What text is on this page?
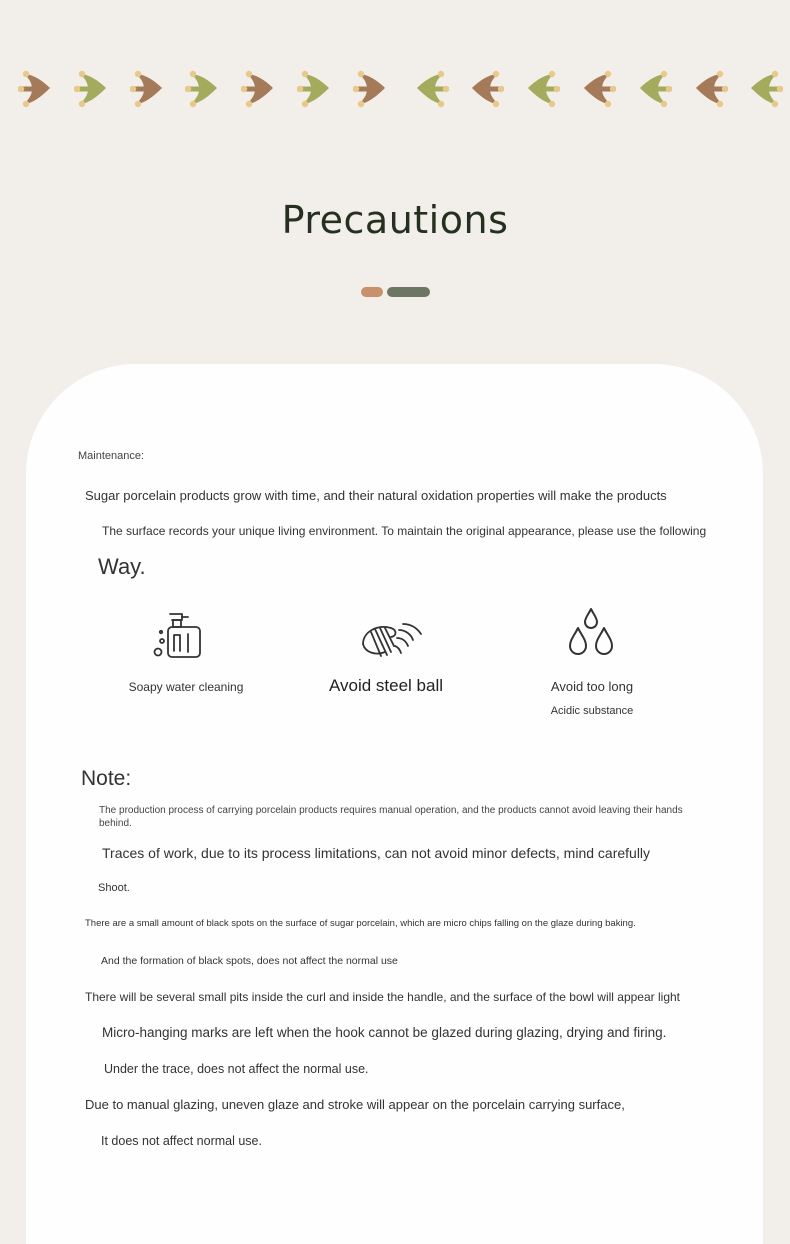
Precautions
Maintenance:
Sugar porcelain products grow with time, and their natural oxidation properties will make the products
The surface records your unique living environment. To maintain the original appearance, please use the following
Way.
Soapy water cleaning	Avoid steel ball	Avoid too long
Acidic substance
Note:
The production process of carrying porcelain products requires manual operation, and the products cannot avoid leaving their hands behind.
Traces of work, due to its process limitations, can not avoid minor defects, mind carefully
Shoot.
There are a small amount of black spots on the surface of sugar porcelain, which are micro chips falling on the glaze during baking.
And the formation of black spots, does not affect the normal use
There will be several small pits inside the curl and inside the handle, and the surface of the bowl will appear light
Micro-hanging marks are left when the hook cannot be glazed during glazing, drying and firing.
Under the trace, does not affect the normal use.
Due to manual glazing, uneven glaze and stroke will appear on the porcelain carrying surface,
It does not affect normal use.
